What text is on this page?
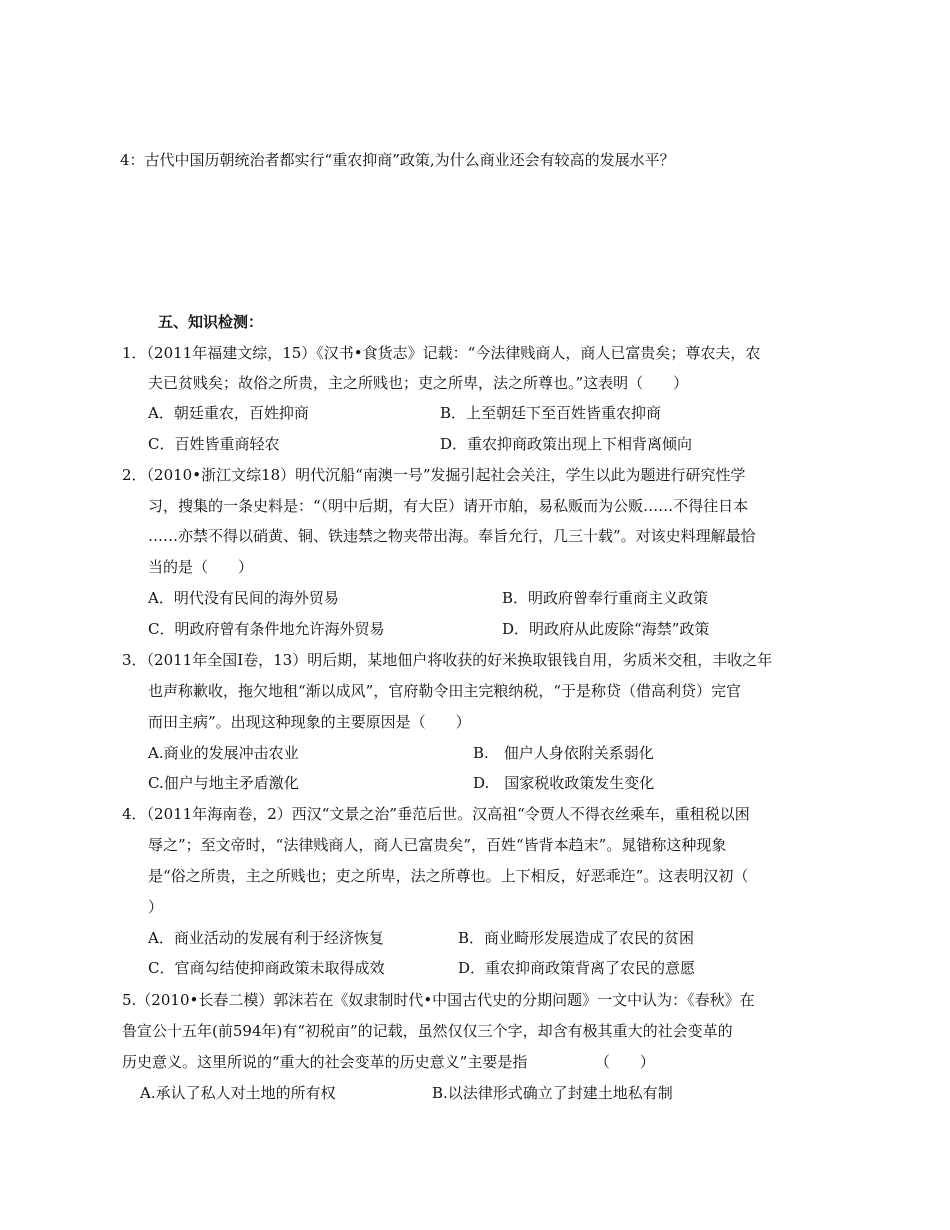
4：古代中国历朝统治者都实行“重农抑商”政策,为什么商业还会有较高的发展水平？
五、知识检测：
1．（2011年福建文综，15）《汉书•食货志》记载：“今法律贱商人，商人已富贵矣；尊农夫，农
夫已贫贱矣；故俗之所贵，主之所贱也；吏之所卑，法之所尊也。”这表明（　　）
A．朝廷重农，百姓抑商	B．上至朝廷下至百姓皆重农抑商
C．百姓皆重商轻农	D．重农抑商政策出现上下相背离倾向
2．（2010•浙江文综18）明代沉船“南澳一号”发掘引起社会关注，学生以此为题进行研究性学
习，搜集的一条史料是：“（明中后期，有大臣）请开市舶，易私贩而为公贩……不得往日本
……亦禁不得以硝黄、铜、铁违禁之物夹带出海。奉旨允行，几三十载”。对该史料理解最恰
当的是（　　）
A．明代没有民间的海外贸易	B．明政府曾奉行重商主义政策
C．明政府曾有条件地允许海外贸易	D．明政府从此废除“海禁”政策
3．（2011年全国Ⅰ卷，13）明后期，某地佃户将收获的好米换取银钱自用，劣质米交租，丰收之年
也声称歉收，拖欠地租“渐以成风”，官府勒令田主完粮纳税，“于是称贷（借高利贷）完官
而田主病”。出现这种现象的主要原因是（　　）
A.商业的发展冲击农业	B.　佃户人身依附关系弱化
C.佃户与地主矛盾激化	D.　国家税收政策发生变化
4．（2011年海南卷，2）西汉“文景之治”垂范后世。汉高祖“令贾人不得衣丝乘车，重租税以困
辱之”；至文帝时，“法律贱商人，商人已富贵矣”，百姓“皆背本趋末”。晁错称这种现象
是“俗之所贵，主之所贱也；吏之所卑，法之所尊也。上下相反，好恶乖迕”。这表明汉初（
）
A．商业活动的发展有利于经济恢复	B．商业畸形发展造成了农民的贫困
C．官商勾结使抑商政策未取得成效	D．重农抑商政策背离了农民的意愿
5.（2010•长春二模）郭沫若在《奴隶制时代•中国古代史的分期问题》一文中认为：《春秋》在
鲁宣公十五年(前594年)有“初税亩”的记载，虽然仅仅三个字，却含有极其重大的社会变革的
历史意义。这里所说的“重大的社会变革的历史意义”主要是指　　　　　（　　）
A.承认了私人对土地的所有权	B.以法律形式确立了封建土地私有制
